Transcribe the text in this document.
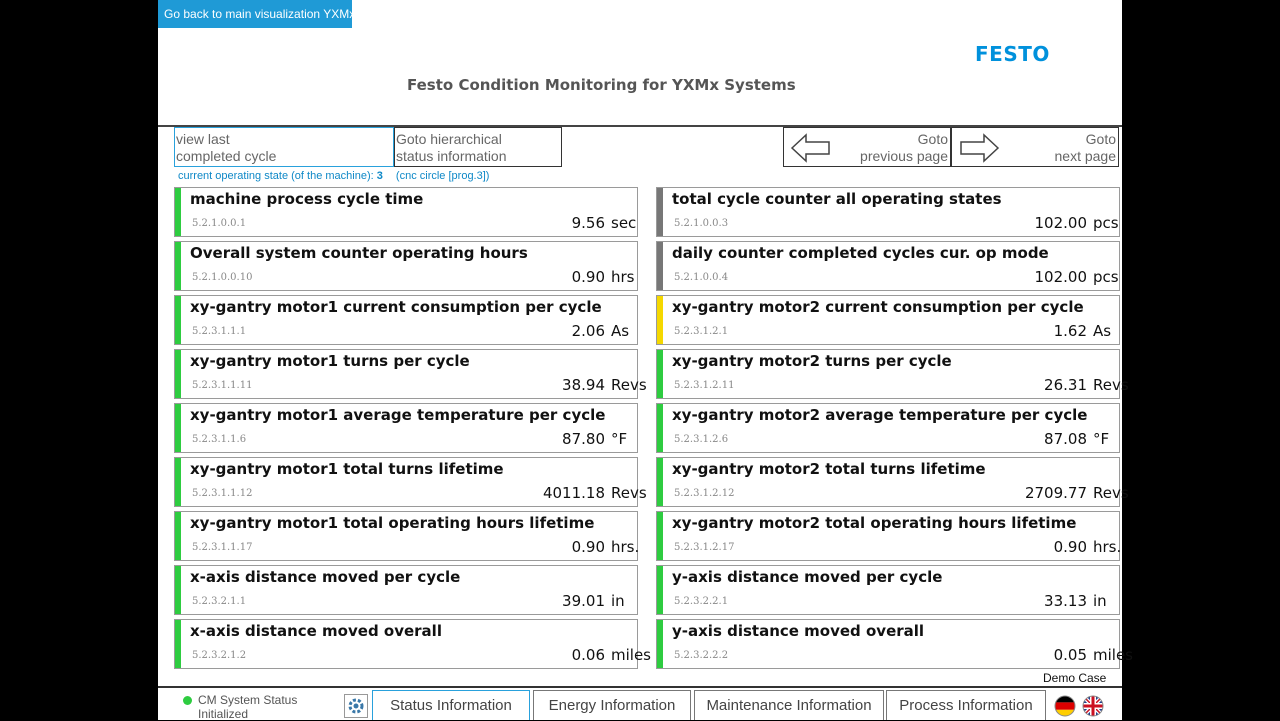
Go back to main visualization YXMx
FESTO
Festo Condition Monitoring for YXMx Systems
view last
completed cycle
Goto hierarchical
status information
Goto
previous page
Goto
next page
current operating state (of the machine): 3 (cnc circle [prog.3])
machine process cycle time
5.2.1.0.0.1	9.56 sec
Overall system counter operating hours
5.2.1.0.0.10	0.90 hrs
xy-gantry motor1 current consumption per cycle
5.2.3.1.1.1	2.06 As
xy-gantry motor1 turns per cycle
5.2.3.1.1.11	38.94 Revs
xy-gantry motor1 average temperature per cycle
5.2.3.1.1.6	87.80 °F
xy-gantry motor1 total turns lifetime
5.2.3.1.1.12	4011.18 Revs
xy-gantry motor1 total operating hours lifetime
5.2.3.1.1.17	0.90 hrs.
x-axis distance moved per cycle
5.2.3.2.1.1	39.01 in
x-axis distance moved overall
5.2.3.2.1.2	0.06 miles
total cycle counter all operating states
5.2.1.0.0.3	102.00 pcs
daily counter completed cycles cur. op mode
5.2.1.0.0.4	102.00 pcs
xy-gantry motor2 current consumption per cycle
5.2.3.1.2.1	1.62 As
xy-gantry motor2 turns per cycle
5.2.3.1.2.11	26.31 Revs
xy-gantry motor2 average temperature per cycle
5.2.3.1.2.6	87.08 °F
xy-gantry motor2 total turns lifetime
5.2.3.1.2.12	2709.77 Revs
xy-gantry motor2 total operating hours lifetime
5.2.3.1.2.17	0.90 hrs.
y-axis distance moved per cycle
5.2.3.2.2.1	33.13 in
y-axis distance moved overall
5.2.3.2.2.2	0.05 miles
Demo Case
CM System Status
Initialized	Status Information	Energy Information	Maintenance Information	Process Information
